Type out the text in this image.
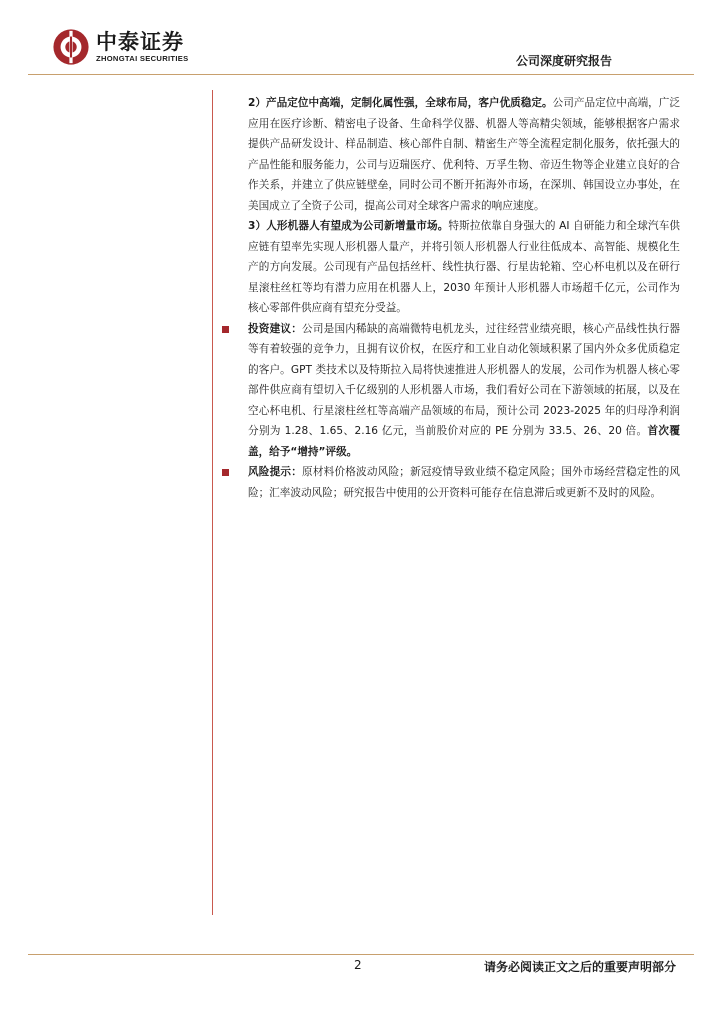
中泰证券
ZHONGTAI SECURITIES	公司深度研究报告

2）产品定位中高端，定制化属性强，全球布局，客户优质稳定。公司产品定位中高端，广泛应用在医疗诊断、精密电子设备、生命科学仪器、机器人等高精尖领域，能够根据客户需求提供产品研发设计、样品制造、核心部件自制、精密生产等全流程定制化服务，依托强大的产品性能和服务能力，公司与迈瑞医疗、优利特、万孚生物、帝迈生物等企业建立良好的合作关系，并建立了供应链壁垒，同时公司不断开拓海外市场，在深圳、韩国设立办事处，在美国成立了全资子公司，提高公司对全球客户需求的响应速度。

3）人形机器人有望成为公司新增量市场。特斯拉依靠自身强大的 AI 自研能力和全球汽车供应链有望率先实现人形机器人量产，并将引领人形机器人行业往低成本、高智能、规模化生产的方向发展。公司现有产品包括丝杆、线性执行器、行星齿轮箱、空心杯电机以及在研行星滚柱丝杠等均有潜力应用在机器人上，2030 年预计人形机器人市场超千亿元，公司作为核心零部件供应商有望充分受益。

投资建议：公司是国内稀缺的高端微特电机龙头，过往经营业绩亮眼，核心产品线性执行器等有着较强的竞争力，且拥有议价权，在医疗和工业自动化领域积累了国内外众多优质稳定的客户。GPT 类技术以及特斯拉入局将快速推进人形机器人的发展，公司作为机器人核心零部件供应商有望切入千亿级别的人形机器人市场，我们看好公司在下游领域的拓展，以及在空心杯电机、行星滚柱丝杠等高端产品领域的布局，预计公司 2023-2025 年的归母净利润分别为 1.28、1.65、2.16 亿元，当前股价对应的 PE 分别为 33.5、26、20 倍。首次覆盖，给予“增持”评级。

风险提示：原材料价格波动风险；新冠疫情导致业绩不稳定风险；国外市场经营稳定性的风险；汇率波动风险；研究报告中使用的公开资料可能存在信息滞后或更新不及时的风险。

2	请务必阅读正文之后的重要声明部分
